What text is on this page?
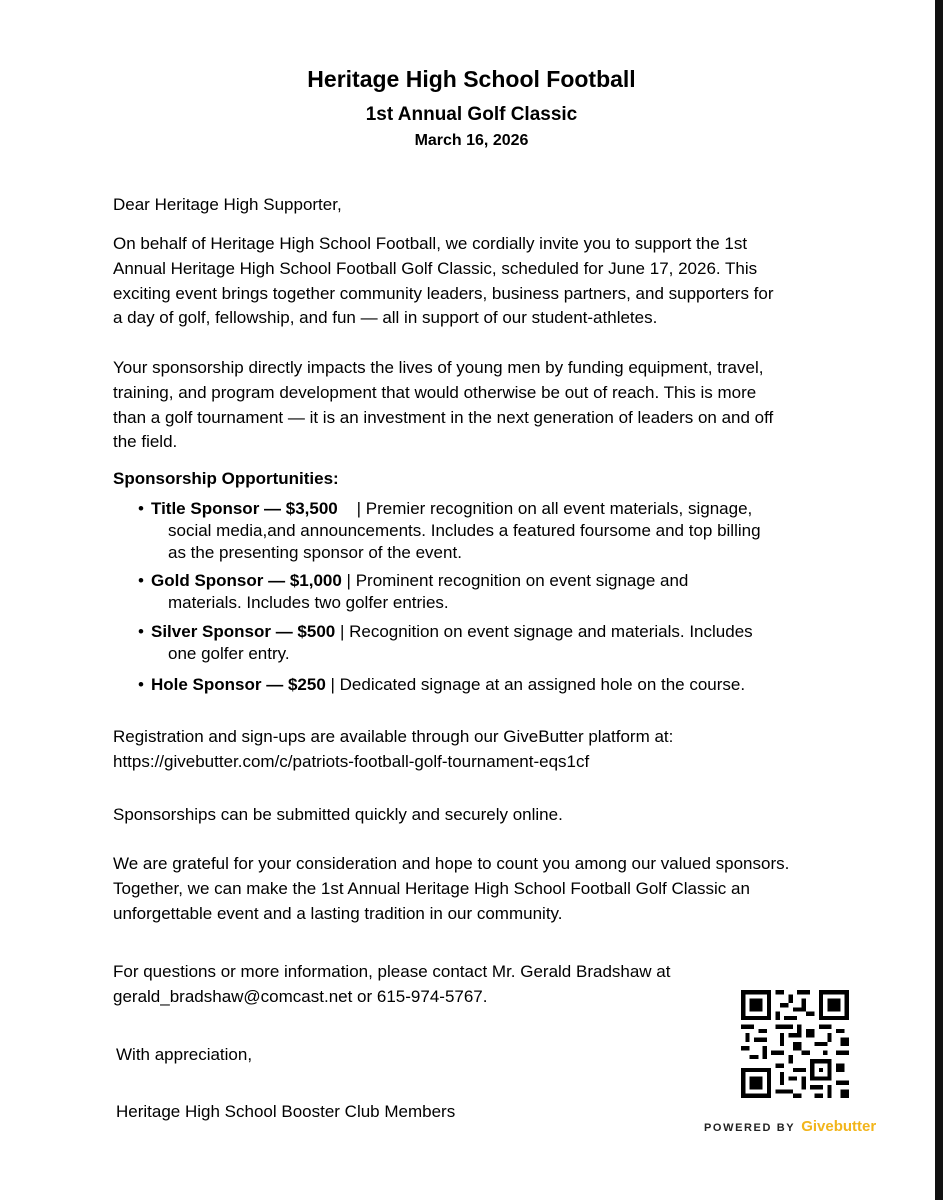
Heritage High School Football
1st Annual Golf Classic
March 16, 2026

Dear Heritage High Supporter,

On behalf of Heritage High School Football, we cordially invite you to support the 1st
Annual Heritage High School Football Golf Classic, scheduled for June 17, 2026. This
exciting event brings together community leaders, business partners, and supporters for
a day of golf, fellowship, and fun — all in support of our student-athletes.

Your sponsorship directly impacts the lives of young men by funding equipment, travel,
training, and program development that would otherwise be out of reach. This is more
than a golf tournament — it is an investment in the next generation of leaders on and off
the field.

Sponsorship Opportunities:
• Title Sponsor — $3,500    | Premier recognition on all event materials, signage,
social media,and announcements. Includes a featured foursome and top billing
as the presenting sponsor of the event.
• Gold Sponsor — $1,000 | Prominent recognition on event signage and
materials. Includes two golfer entries.
• Silver Sponsor — $500 | Recognition on event signage and materials. Includes
one golfer entry.
• Hole Sponsor — $250 | Dedicated signage at an assigned hole on the course.

Registration and sign-ups are available through our GiveButter platform at:
https://givebutter.com/c/patriots-football-golf-tournament-eqs1cf

Sponsorships can be submitted quickly and securely online.

We are grateful for your consideration and hope to count you among our valued sponsors.
Together, we can make the 1st Annual Heritage High School Football Golf Classic an
unforgettable event and a lasting tradition in our community.

For questions or more information, please contact Mr. Gerald Bradshaw at
gerald_bradshaw@comcast.net or 615-974-5767.

With appreciation,

Heritage High School Booster Club Members

POWERED BY Givebutter
